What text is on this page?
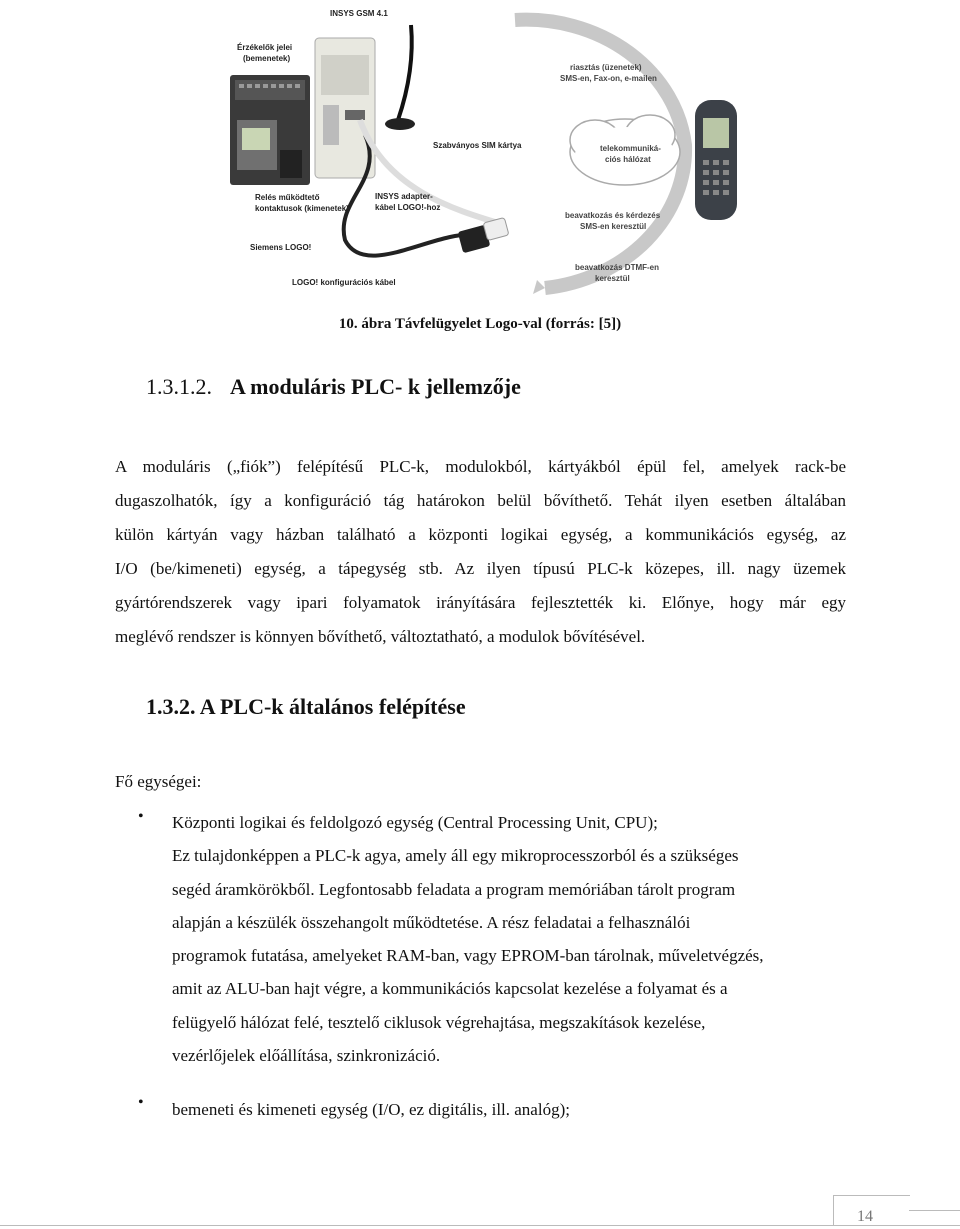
INSYS GSM 4.1
Érzékelők jelei
(bemenetek)
Szabványos SIM kártya
Relés működtető
kontaktusok (kimenetek)
INSYS adapter-
kábel LOGO!-hoz
Siemens LOGO!
LOGO! konfigurációs kábel
riasztás (üzenetek)
SMS-en, Fax-on, e-mailen
telekommuniká-
ciós hálózat
beavatkozás és kérdezés
SMS-en keresztül
beavatkozás DTMF-en
keresztül
10. ábra Távfelügyelet Logo-val (forrás: [5])
1.3.1.2. A moduláris PLC- k jellemzője
A moduláris („fiók”) felépítésű PLC-k, modulokból, kártyákból épül fel, amelyek rack-be
dugaszolhatók, így a konfiguráció tág határokon belül bővíthető. Tehát ilyen esetben általában
külön kártyán vagy házban található a központi logikai egység, a kommunikációs egység, az
I/O (be/kimeneti) egység, a tápegység stb. Az ilyen típusú PLC-k közepes, ill. nagy üzemek
gyártórendszerek vagy ipari folyamatok irányítására fejlesztették ki. Előnye, hogy már egy
meglévő rendszer is könnyen bővíthető, változtatható, a modulok bővítésével.
1.3.2. A PLC-k általános felépítése
Fő egységei:
• Központi logikai és feldolgozó egység (Central Processing Unit, CPU);
Ez tulajdonképpen a PLC-k agya, amely áll egy mikroprocesszorból és a szükséges
segéd áramkörökből. Legfontosabb feladata a program memóriában tárolt program
alapján a készülék összehangolt működtetése. A rész feladatai a felhasználói
programok futatása, amelyeket RAM-ban, vagy EPROM-ban tárolnak, műveletvégzés,
amit az ALU-ban hajt végre, a kommunikációs kapcsolat kezelése a folyamat és a
felügyelő hálózat felé, tesztelő ciklusok végrehajtása, megszakítások kezelése,
vezérlőjelek előállítása, szinkronizáció.
• bemeneti és kimeneti egység (I/O, ez digitális, ill. analóg);
14
